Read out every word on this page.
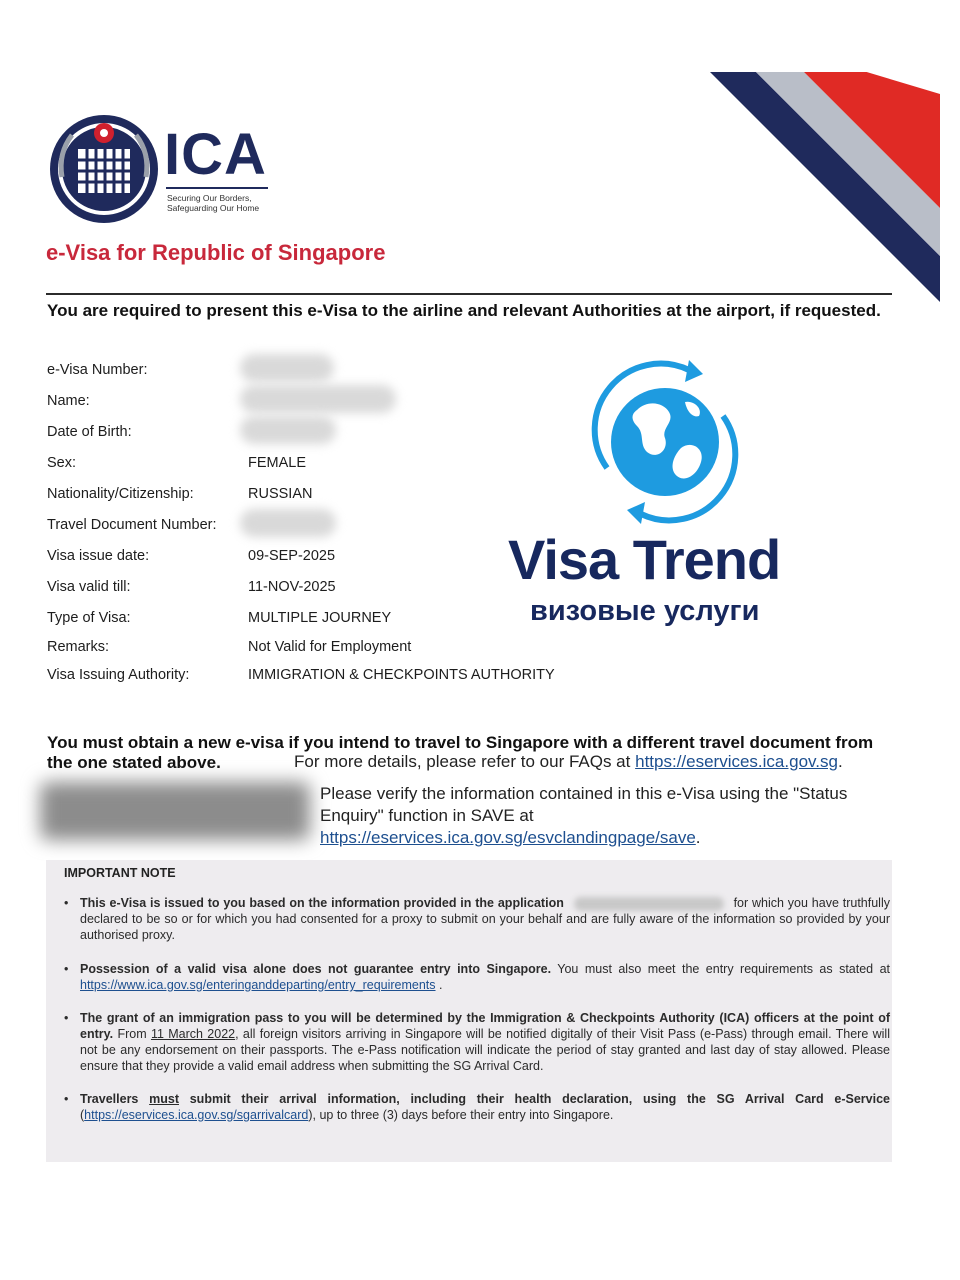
ICA
Securing Our Borders,
Safeguarding Our Home
e-Visa for Republic of Singapore
You are required to present this e-Visa to the airline and relevant Authorities at the airport, if requested.
e-Visa Number:
Name:
Date of Birth:
Sex:	FEMALE
Nationality/Citizenship:	RUSSIAN
Travel Document Number:
Visa issue date:	09-SEP-2025
Visa valid till:	11-NOV-2025
Type of Visa:	MULTIPLE JOURNEY
Remarks:	Not Valid for Employment
Visa Issuing Authority:	IMMIGRATION & CHECKPOINTS AUTHORITY
Visa Trend
визовые услуги
You must obtain a new e-visa if you intend to travel to Singapore with a different travel document from the one stated above.	For more details, please refer to our FAQs at https://eservices.ica.gov.sg.
Please verify the information contained in this e-Visa using the "Status Enquiry" function in SAVE at https://eservices.ica.gov.sg/esvclandingpage/save.
IMPORTANT NOTE
• This e-Visa is issued to you based on the information provided in the application	for which you have truthfully declared to be so or for which you had consented for a proxy to submit on your behalf and are fully aware of the information so provided by your authorised proxy.
• Possession of a valid visa alone does not guarantee entry into Singapore. You must also meet the entry requirements as stated at https://www.ica.gov.sg/enteringanddeparting/entry_requirements .
• The grant of an immigration pass to you will be determined by the Immigration & Checkpoints Authority (ICA) officers at the point of entry. From 11 March 2022, all foreign visitors arriving in Singapore will be notified digitally of their Visit Pass (e-Pass) through email. There will not be any endorsement on their passports. The e-Pass notification will indicate the period of stay granted and last day of stay allowed. Please ensure that they provide a valid email address when submitting the SG Arrival Card.
• Travellers must submit their arrival information, including their health declaration, using the SG Arrival Card e-Service (https://eservices.ica.gov.sg/sgarrivalcard), up to three (3) days before their entry into Singapore.
